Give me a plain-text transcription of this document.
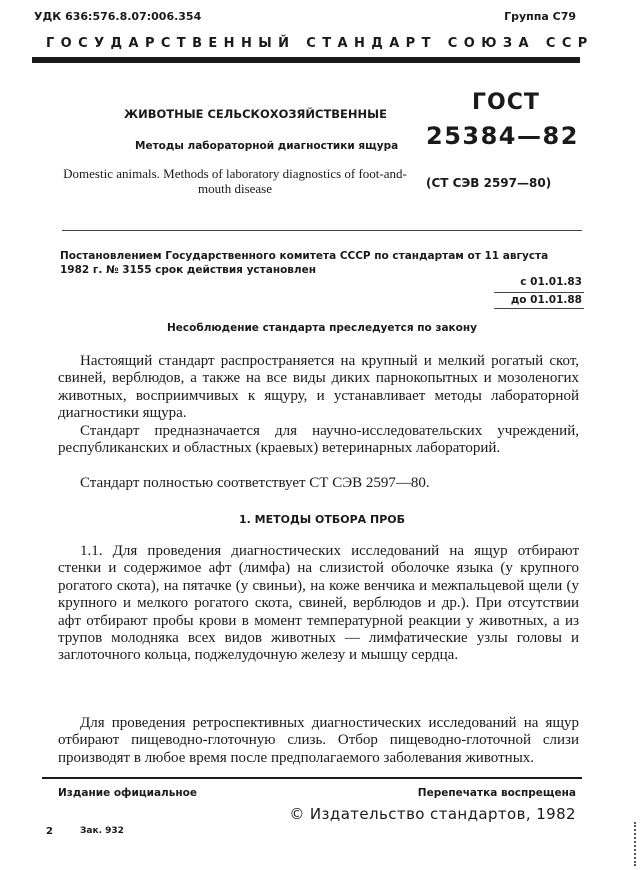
УДК 636:576.8.07:006.354	Группа С79
ГОСУДАРСТВЕННЫЙ СТАНДАРТ СОЮЗА ССР
ЖИВОТНЫЕ СЕЛЬСКОХОЗЯЙСТВЕННЫЕ
Методы лабораторной диагностики ящура
Domestic animals. Methods of laboratory diagnostics of foot-and-mouth disease
ГОСТ
25384—82
(СТ СЭВ 2597—80)
Постановлением Государственного комитета СССР по стандартам от 11 августа 1982 г. № 3155 срок действия установлен
с 01.01.83
до 01.01.88
Несоблюдение стандарта преследуется по закону

Настоящий стандарт распространяется на крупный и мелкий рогатый скот, свиней, верблюдов, а также на все виды диких парнокопытных и мозоленогих животных, восприимчивых к ящуру, и устанавливает методы лабораторной диагностики ящура.

Стандарт предназначается для научно-исследовательских учреждений, республиканских и областных (краевых) ветеринарных лабораторий.

Стандарт полностью соответствует СТ СЭВ 2597—80.

1. МЕТОДЫ ОТБОРА ПРОБ

1.1. Для проведения диагностических исследований на ящур отбирают стенки и содержимое афт (лимфа) на слизистой оболочке языка (у крупного рогатого скота), на пятачке (у свиньи), на коже венчика и межпальцевой щели (у крупного и мелкого рогатого скота, свиней, верблюдов и др.). При отсутствии афт отбирают пробы крови в момент температурной реакции у животных, а из трупов молодняка всех видов животных — лимфатические узлы головы и заглоточного кольца, поджелудочную железу и мышцу сердца.

Для проведения ретроспективных диагностических исследований на ящур отбирают пищеводно-глоточную слизь. Отбор пищеводно-глоточной слизи производят в любое время после предполагаемого заболевания животных.

Издание официальное	Перепечатка воспрещена
© Издательство стандартов, 1982
2	Зак. 932
